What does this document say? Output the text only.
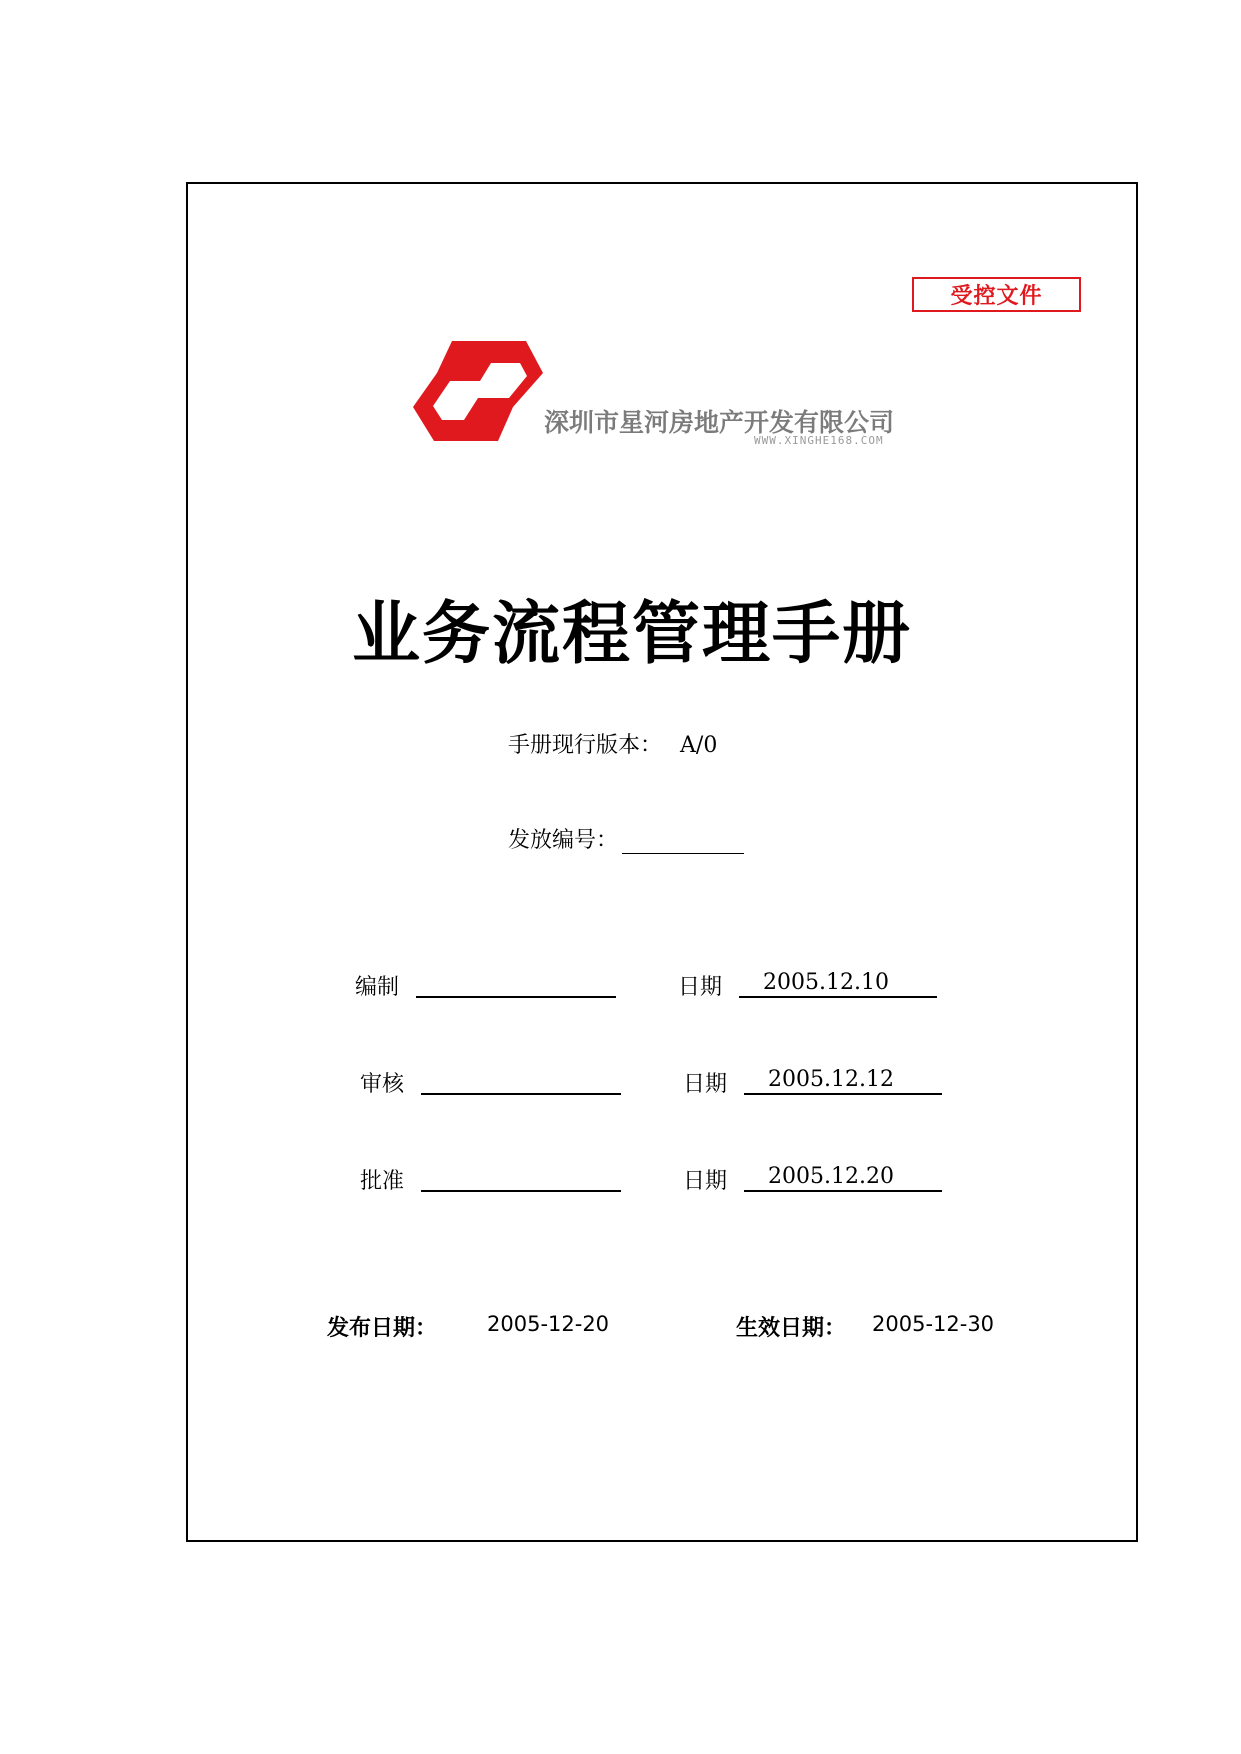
受控文件
深圳市星河房地产开发有限公司
WWW.XINGHE168.COM
业务流程管理手册
手册现行版本： A/0
发放编号：
编制	日期	2005.12.10
审核	日期	2005.12.12
批准	日期	2005.12.20
发布日期： 2005-12-20	生效日期： 2005-12-30
